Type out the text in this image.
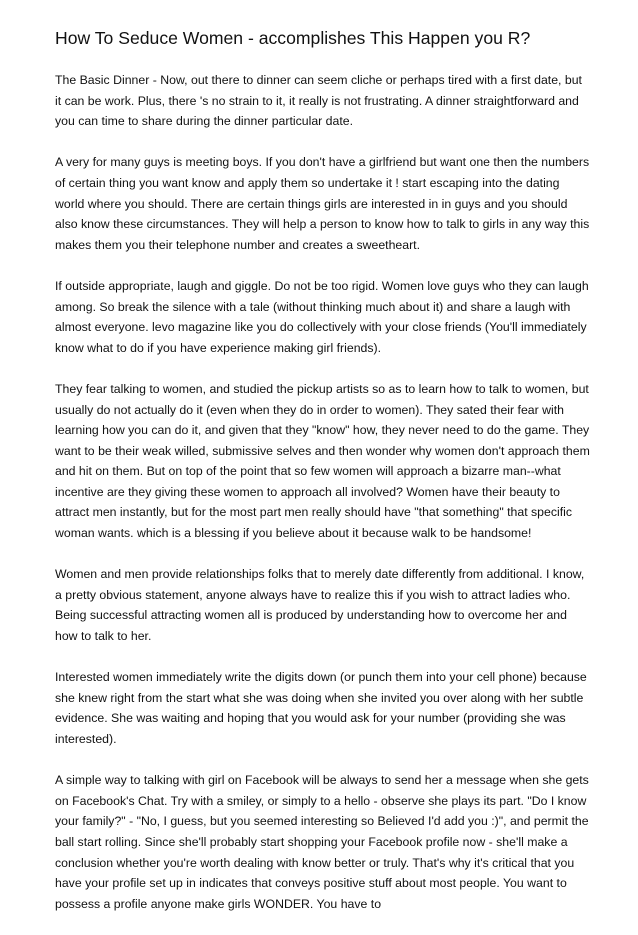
How To Seduce Women - accomplishes This Happen you R?

The Basic Dinner - Now, out there to dinner can seem cliche or perhaps tired with a first date, but it can be work. Plus, there 's no strain to it, it really is not frustrating. A dinner straightforward and you can time to share during the dinner particular date.

A very for many guys is meeting boys. If you don't have a girlfriend but want one then the numbers of certain thing you want know and apply them so undertake it ! start escaping into the dating world where you should. There are certain things girls are interested in in guys and you should also know these circumstances. They will help a person to know how to talk to girls in any way this makes them you their telephone number and creates a sweetheart.

If outside appropriate, laugh and giggle. Do not be too rigid. Women love guys who they can laugh among. So break the silence with a tale (without thinking much about it) and share a laugh with almost everyone. levo magazine like you do collectively with your close friends (You'll immediately know what to do if you have experience making girl friends).

They fear talking to women, and studied the pickup artists so as to learn how to talk to women, but usually do not actually do it (even when they do in order to women). They sated their fear with learning how you can do it, and given that they "know" how, they never need to do the game. They want to be their weak willed, submissive selves and then wonder why women don't approach them and hit on them. But on top of the point that so few women will approach a bizarre man--what incentive are they giving these women to approach all involved? Women have their beauty to attract men instantly, but for the most part men really should have "that something" that specific woman wants. which is a blessing if you believe about it because walk to be handsome!

Women and men provide relationships folks that to merely date differently from additional. I know, a pretty obvious statement, anyone always have to realize this if you wish to attract ladies who. Being successful attracting women all is produced by understanding how to overcome her and how to talk to her.

Interested women immediately write the digits down (or punch them into your cell phone) because she knew right from the start what she was doing when she invited you over along with her subtle evidence. She was waiting and hoping that you would ask for your number (providing she was interested).

A simple way to talking with girl on Facebook will be always to send her a message when she gets on Facebook's Chat. Try with a smiley, or simply to a hello - observe she plays its part. "Do I know your family?" - "No, I guess, but you seemed interesting so Believed I'd add you :)", and permit the ball start rolling. Since she'll probably start shopping your Facebook profile now - she'll make a conclusion whether you're worth dealing with know better or truly. That's why it's critical that you have your profile set up in indicates that conveys positive stuff about most people. You want to possess a profile anyone make girls WONDER. You have to
